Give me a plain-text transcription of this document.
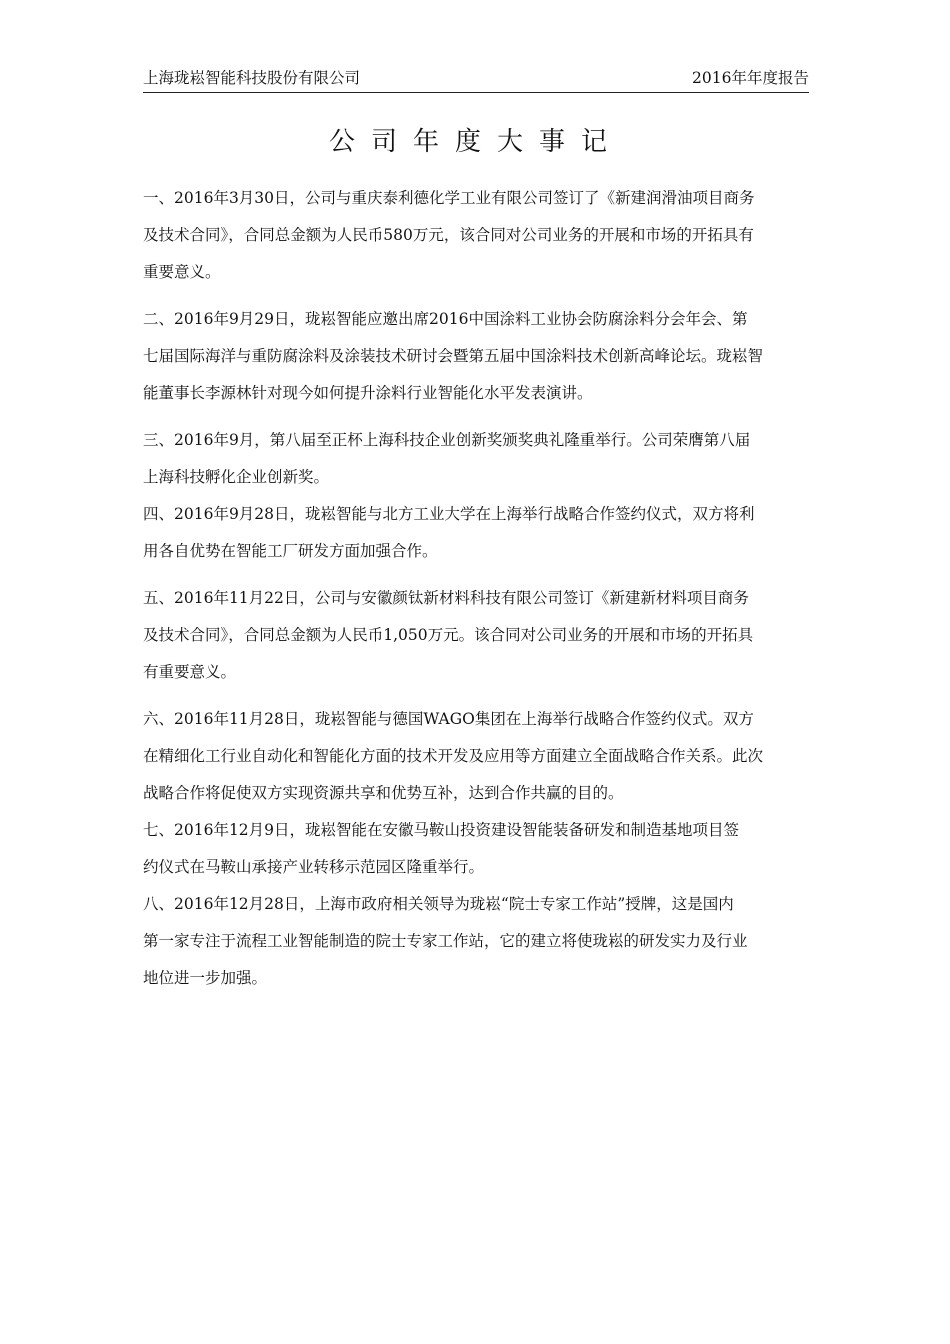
上海珑崧智能科技股份有限公司	2016年年度报告
公司年度大事记

一、2016年3月30日，公司与重庆泰利德化学工业有限公司签订了《新建润滑油项目商务
及技术合同》，合同总金额为人民币580万元，该合同对公司业务的开展和市场的开拓具有
重要意义。

二、2016年9月29日，珑崧智能应邀出席2016中国涂料工业协会防腐涂料分会年会、第
七届国际海洋与重防腐涂料及涂装技术研讨会暨第五届中国涂料技术创新高峰论坛。珑崧智
能董事长李源林针对现今如何提升涂料行业智能化水平发表演讲。

三、2016年9月，第八届至正杯上海科技企业创新奖颁奖典礼隆重举行。公司荣膺第八届
上海科技孵化企业创新奖。

四、2016年9月28日，珑崧智能与北方工业大学在上海举行战略合作签约仪式，双方将利
用各自优势在智能工厂研发方面加强合作。

五、2016年11月22日，公司与安徽颜钛新材料科技有限公司签订《新建新材料项目商务
及技术合同》，合同总金额为人民币1,050万元。该合同对公司业务的开展和市场的开拓具
有重要意义。

六、2016年11月28日，珑崧智能与德国WAGO集团在上海举行战略合作签约仪式。双方
在精细化工行业自动化和智能化方面的技术开发及应用等方面建立全面战略合作关系。此次
战略合作将促使双方实现资源共享和优势互补，达到合作共赢的目的。

七、2016年12月9日，珑崧智能在安徽马鞍山投资建设智能装备研发和制造基地项目签
约仪式在马鞍山承接产业转移示范园区隆重举行。

八、2016年12月28日，上海市政府相关领导为珑崧“院士专家工作站”授牌，这是国内
第一家专注于流程工业智能制造的院士专家工作站，它的建立将使珑崧的研发实力及行业
地位进一步加强。
